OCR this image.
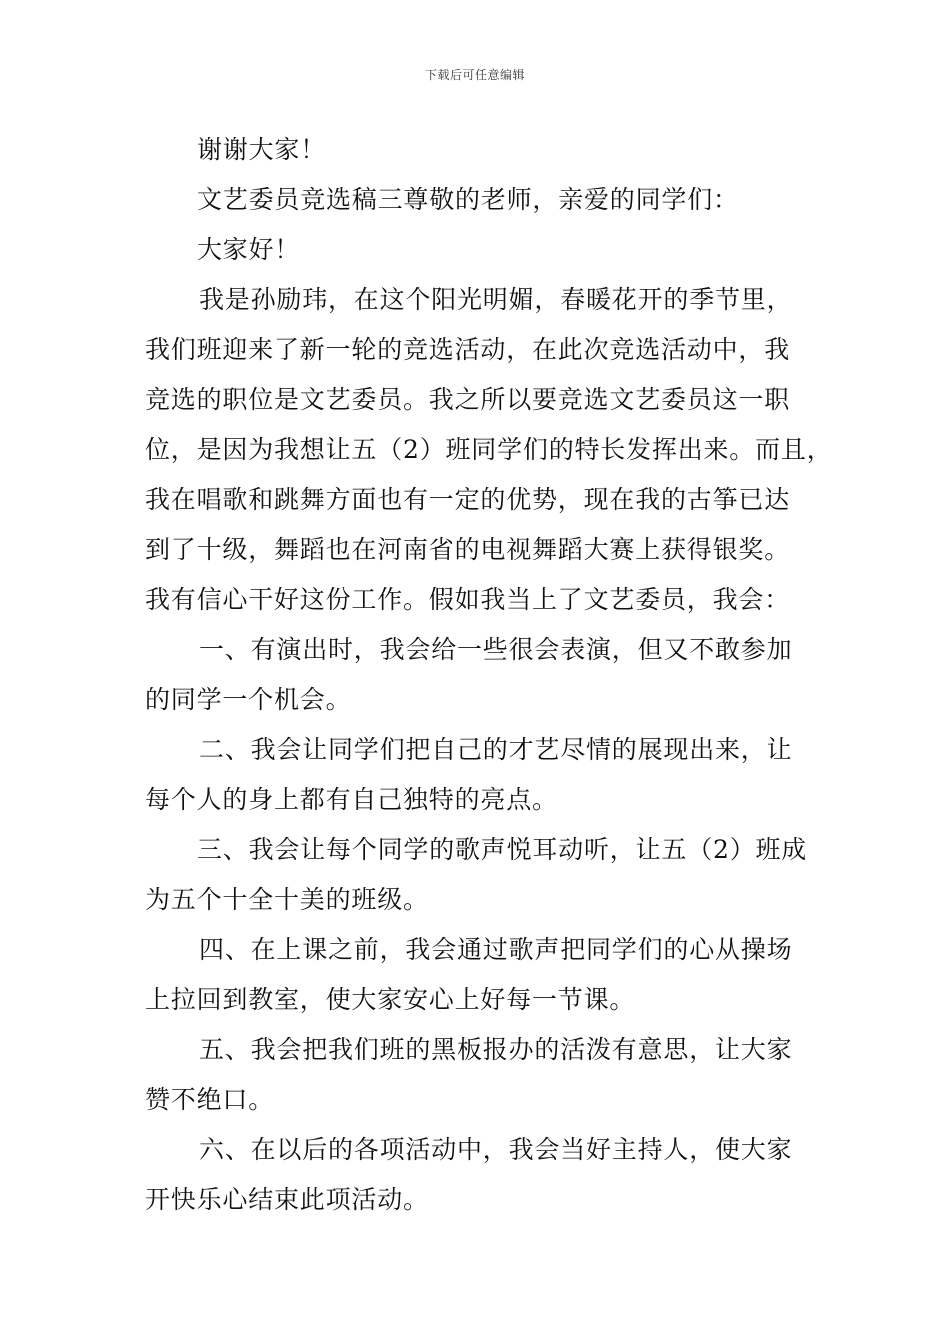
下载后可任意编辑
谢谢大家！
文艺委员竞选稿三尊敬的老师，亲爱的同学们：
大家好！
我是孙励玮，在这个阳光明媚，春暖花开的季节里，
我们班迎来了新一轮的竞选活动，在此次竞选活动中，我
竞选的职位是文艺委员。我之所以要竞选文艺委员这一职
位，是因为我想让五（2）班同学们的特长发挥出来。而且，
我在唱歌和跳舞方面也有一定的优势，现在我的古筝已达
到了十级，舞蹈也在河南省的电视舞蹈大赛上获得银奖。
我有信心干好这份工作。假如我当上了文艺委员，我会：
一、有演出时，我会给一些很会表演，但又不敢参加
的同学一个机会。
二、我会让同学们把自己的才艺尽情的展现出来，让
每个人的身上都有自己独特的亮点。
三、我会让每个同学的歌声悦耳动听，让五（2）班成
为五个十全十美的班级。
四、在上课之前，我会通过歌声把同学们的心从操场
上拉回到教室，使大家安心上好每一节课。
五、我会把我们班的黑板报办的活泼有意思，让大家
赞不绝口。
六、在以后的各项活动中，我会当好主持人，使大家
开快乐心结束此项活动。
